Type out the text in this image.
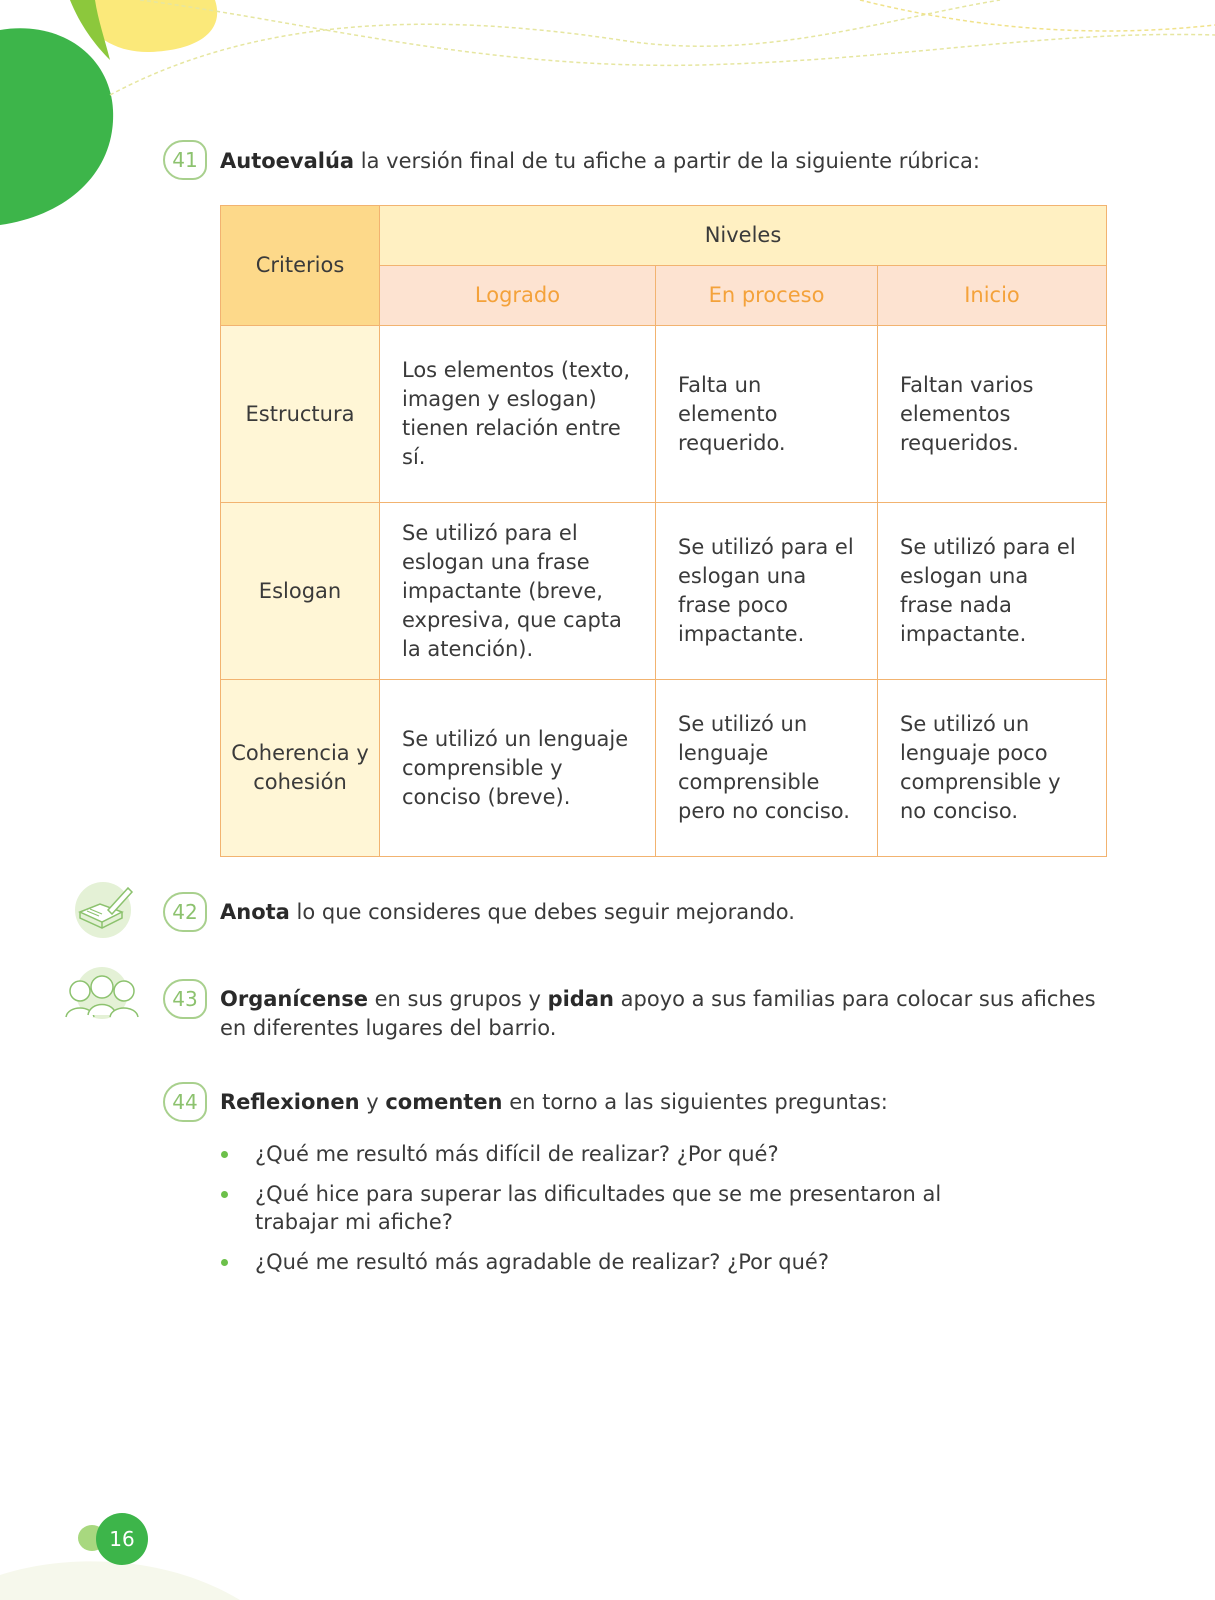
41	Autoevalúa la versión final de tu afiche a partir de la siguiente rúbrica:
Criterios	Niveles		
	Logrado	En proceso	Inicio
Estructura	Los elementos (texto, imagen y eslogan) tienen relación entre sí.	Falta un elemento requerido.	Faltan varios elementos requeridos.
Eslogan	Se utilizó para el eslogan una frase impactante (breve, expresiva, que capta la atención).	Se utilizó para el eslogan una frase poco impactante.	Se utilizó para el eslogan una frase nada impactante.
Coherencia y cohesión	Se utilizó un lenguaje comprensible y conciso (breve).	Se utilizó un lenguaje comprensible pero no conciso.	Se utilizó un lenguaje poco comprensible y no conciso.
42	Anota lo que consideres que debes seguir mejorando.
43	Organícense en sus grupos y pidan apoyo a sus familias para colocar sus afiches en diferentes lugares del barrio.
44	Reflexionen y comenten en torno a las siguientes preguntas:
¿Qué me resultó más difícil de realizar? ¿Por qué?
¿Qué hice para superar las dificultades que se me presentaron al trabajar mi afiche?
¿Qué me resultó más agradable de realizar? ¿Por qué?
16
